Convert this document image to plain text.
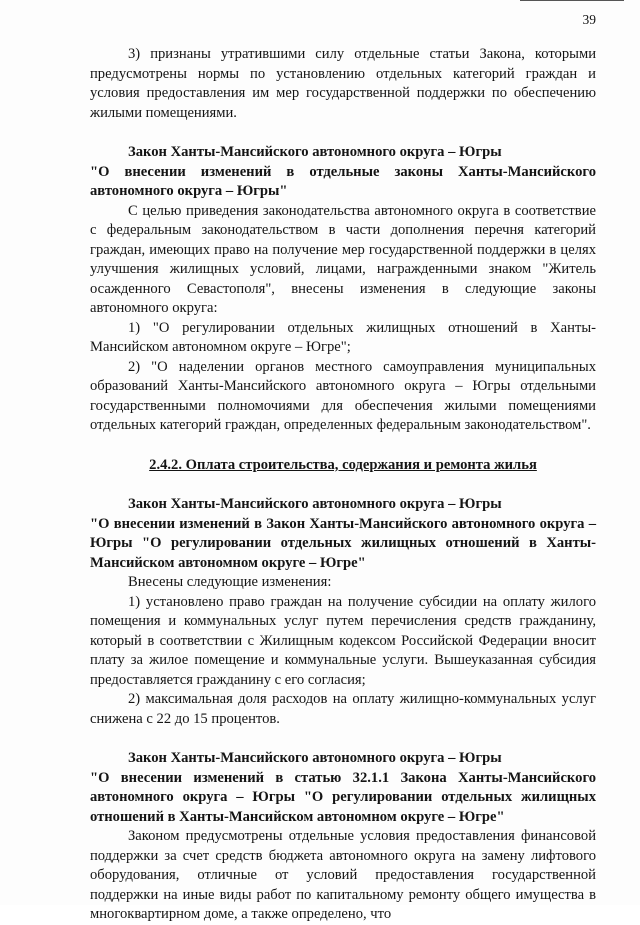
39

3) признаны утратившими силу отдельные статьи Закона, которыми предусмотрены нормы по установлению отдельных категорий граждан и условия предоставления им мер государственной поддержки по обеспечению жилыми помещениями.

Закон Ханты-Мансийского автономного округа – Югры
"О внесении изменений в отдельные законы Ханты-Мансийского автономного округа – Югры"

С целью приведения законодательства автономного округа в соответствие с федеральным законодательством в части дополнения перечня категорий граждан, имеющих право на получение мер государственной поддержки в целях улучшения жилищных условий, лицами, награжденными знаком "Житель осажденного Севастополя", внесены изменения в следующие законы автономного округа:

1) "О регулировании отдельных жилищных отношений в Ханты-Мансийском автономном округе – Югре";

2) "О наделении органов местного самоуправления муниципальных образований Ханты-Мансийского автономного округа – Югры отдельными государственными полномочиями для обеспечения жилыми помещениями отдельных категорий граждан, определенных федеральным законодательством".

2.4.2. Оплата строительства, содержания и ремонта жилья

Закон Ханты-Мансийского автономного округа – Югры
"О внесении изменений в Закон Ханты-Мансийского автономного округа – Югры "О регулировании отдельных жилищных отношений в Ханты-Мансийском автономном округе – Югре"

Внесены следующие изменения:

1) установлено право граждан на получение субсидии на оплату жилого помещения и коммунальных услуг путем перечисления средств гражданину, который в соответствии с Жилищным кодексом Российской Федерации вносит плату за жилое помещение и коммунальные услуги. Вышеуказанная субсидия предоставляется гражданину с его согласия;

2) максимальная доля расходов на оплату жилищно-коммунальных услуг снижена с 22 до 15 процентов.

Закон Ханты-Мансийского автономного округа – Югры
"О внесении изменений в статью 32.1.1 Закона Ханты-Мансийского автономного округа – Югры "О регулировании отдельных жилищных отношений в Ханты-Мансийском автономном округе – Югре"

Законом предусмотрены отдельные условия предоставления финансовой поддержки за счет средств бюджета автономного округа на замену лифтового оборудования, отличные от условий предоставления государственной поддержки на иные виды работ по капитальному ремонту общего имущества в многоквартирном доме, а также определено, что
